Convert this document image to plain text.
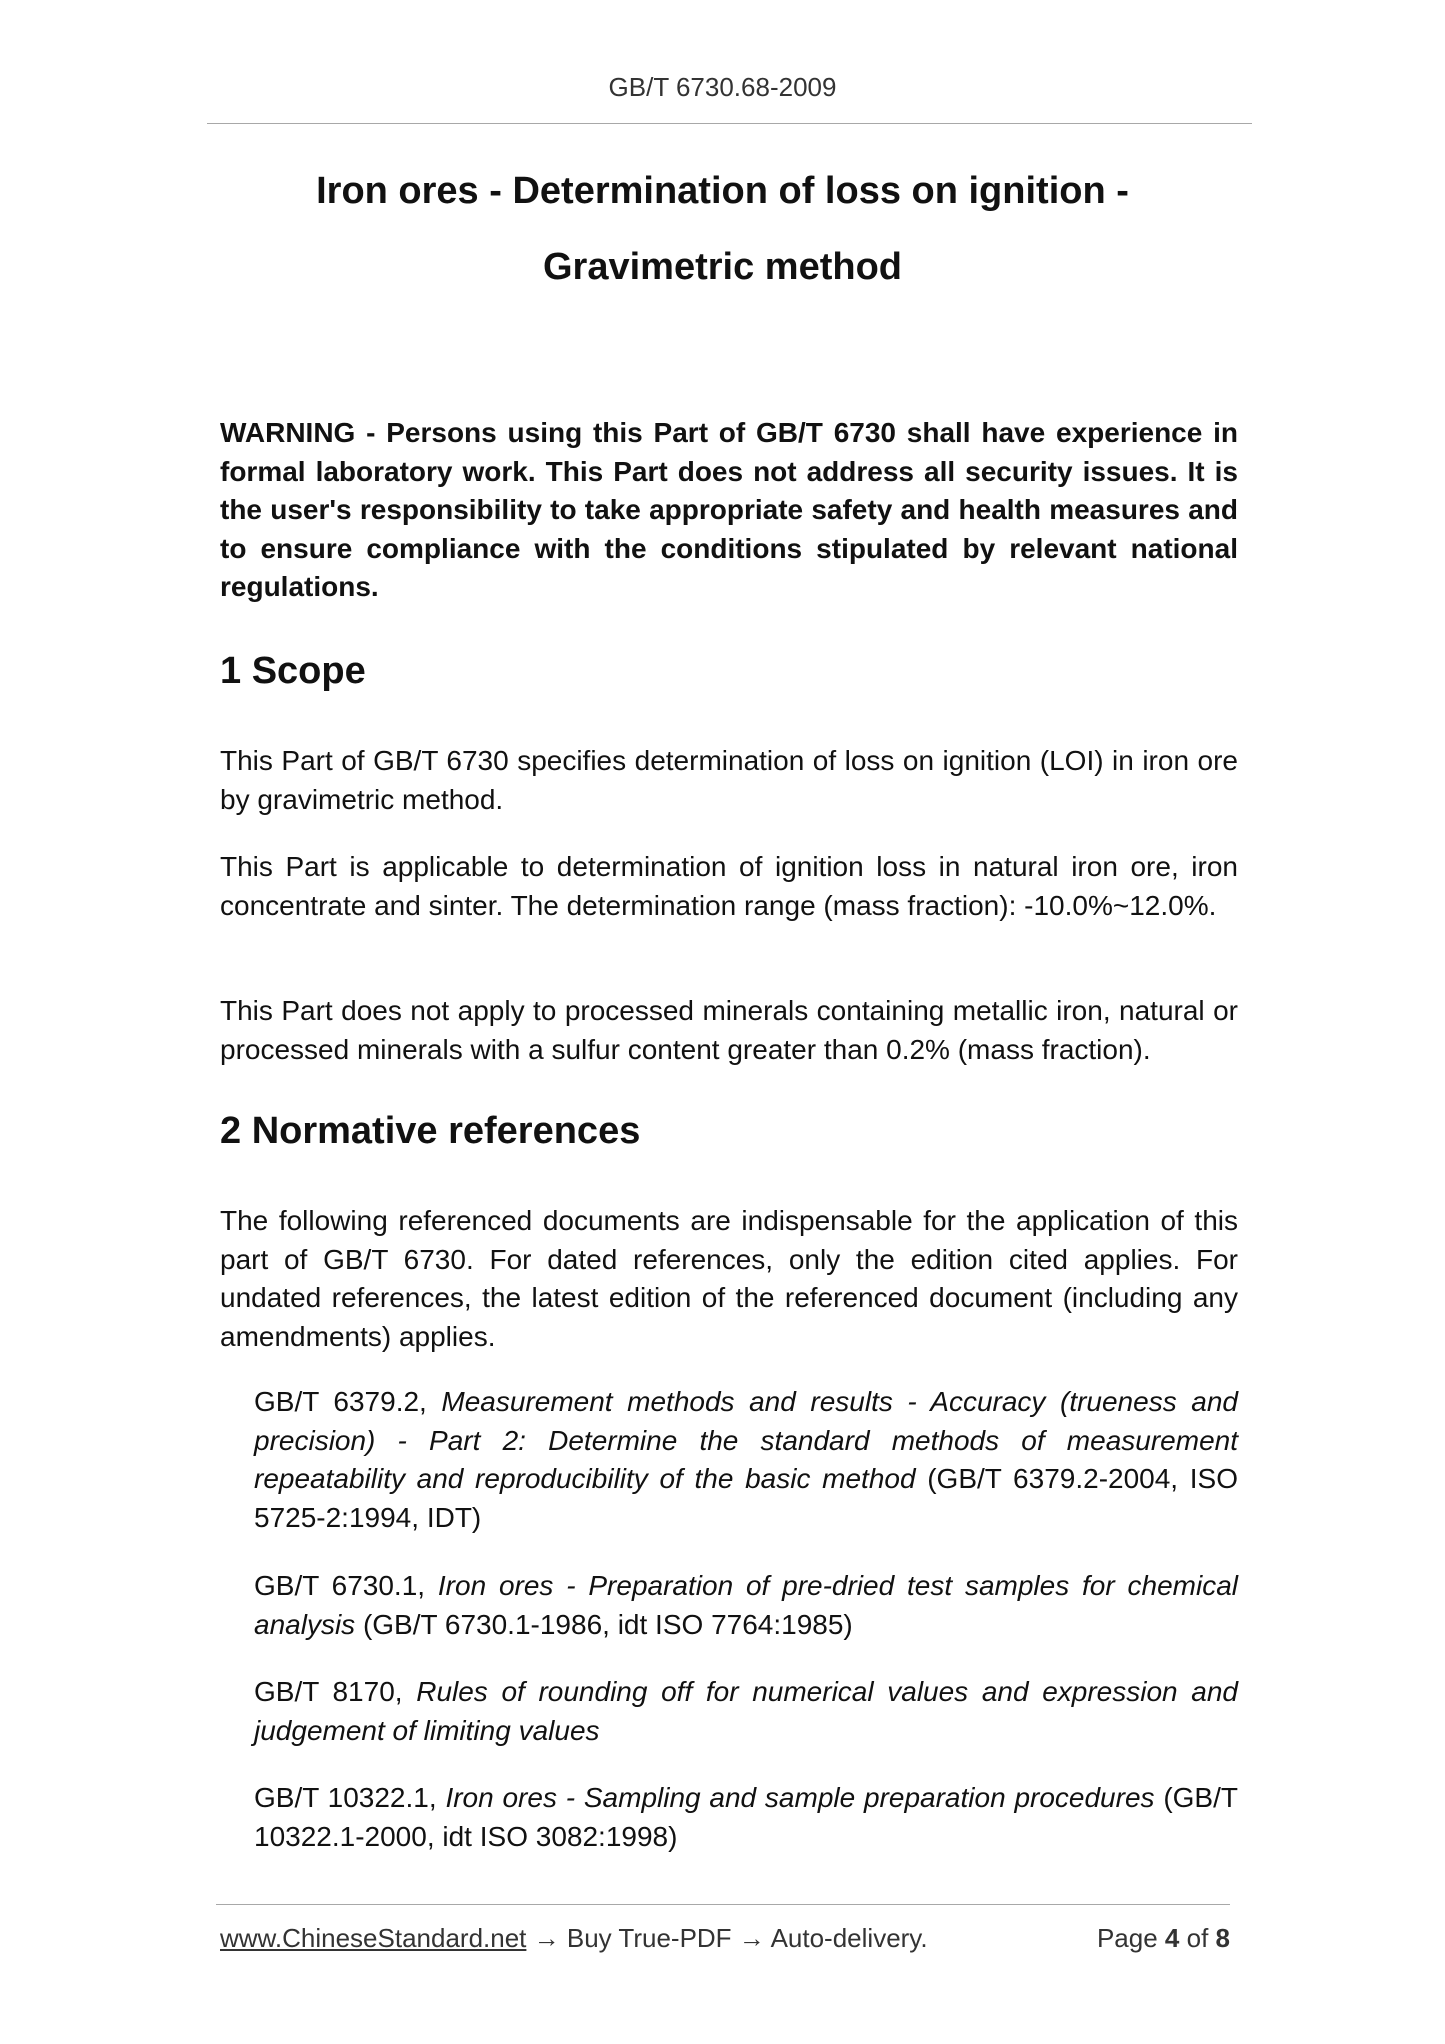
GB/T 6730.68-2009
Iron ores - Determination of loss on ignition -
Gravimetric method
WARNING - Persons using this Part of GB/T 6730 shall have experience in formal laboratory work. This Part does not address all security issues. It is the user's responsibility to take appropriate safety and health measures and to ensure compliance with the conditions stipulated by relevant national regulations.
1 Scope
This Part of GB/T 6730 specifies determination of loss on ignition (LOI) in iron ore by gravimetric method.
This Part is applicable to determination of ignition loss in natural iron ore, iron concentrate and sinter. The determination range (mass fraction): -10.0%~12.0%.
This Part does not apply to processed minerals containing metallic iron, natural or processed minerals with a sulfur content greater than 0.2% (mass fraction).
2 Normative references
The following referenced documents are indispensable for the application of this part of GB/T 6730. For dated references, only the edition cited applies. For undated references, the latest edition of the referenced document (including any amendments) applies.
GB/T 6379.2, Measurement methods and results - Accuracy (trueness and precision) - Part 2: Determine the standard methods of measurement repeatability and reproducibility of the basic method (GB/T 6379.2-2004, ISO 5725-2:1994, IDT)
GB/T 6730.1, Iron ores - Preparation of pre-dried test samples for chemical analysis (GB/T 6730.1-1986, idt ISO 7764:1985)
GB/T 8170, Rules of rounding off for numerical values and expression and judgement of limiting values
GB/T 10322.1, Iron ores - Sampling and sample preparation procedures (GB/T 10322.1-2000, idt ISO 3082:1998)
www.ChineseStandard.net → Buy True-PDF → Auto-delivery.	Page 4 of 8
